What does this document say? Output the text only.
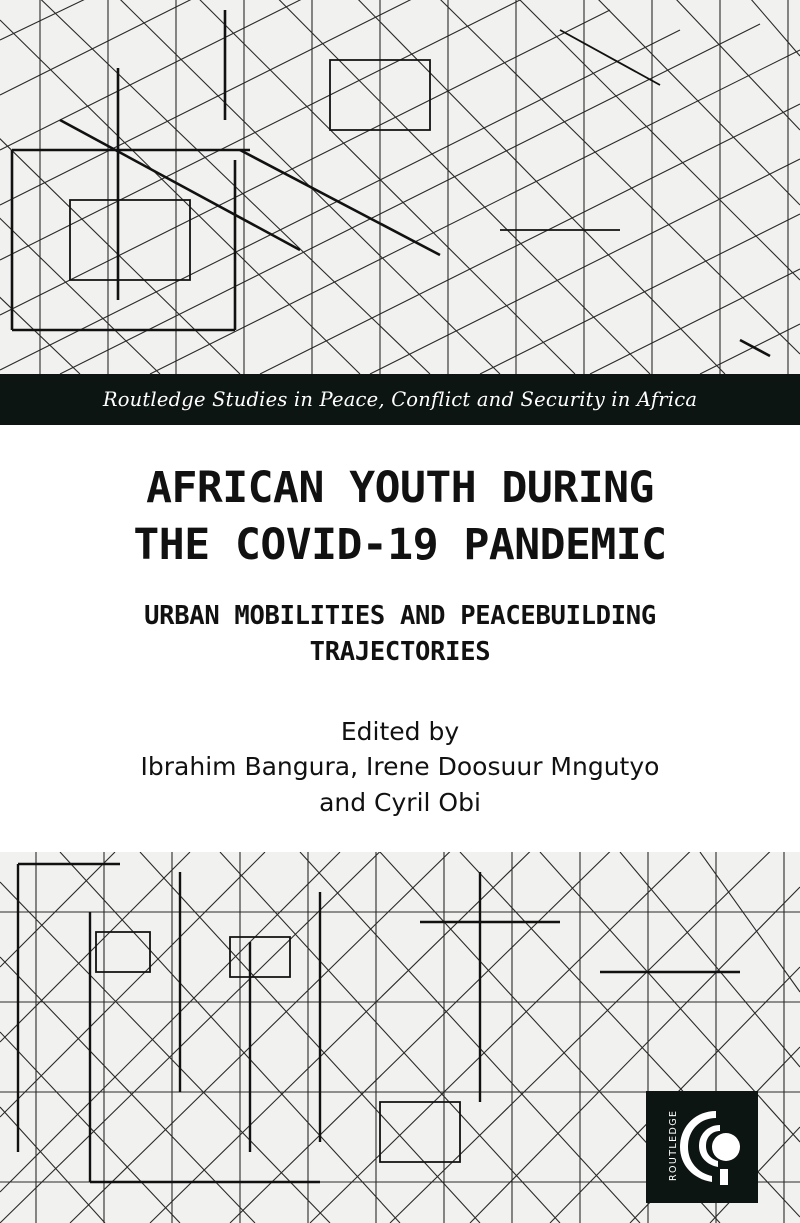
Routledge Studies in Peace, Conflict and Security in Africa
AFRICAN YOUTH DURING
THE COVID-19 PANDEMIC
URBAN MOBILITIES AND PEACEBUILDING
TRAJECTORIES
Edited by
Ibrahim Bangura, Irene Doosuur Mngutyo
and Cyril Obi
ROUTLEDGE
